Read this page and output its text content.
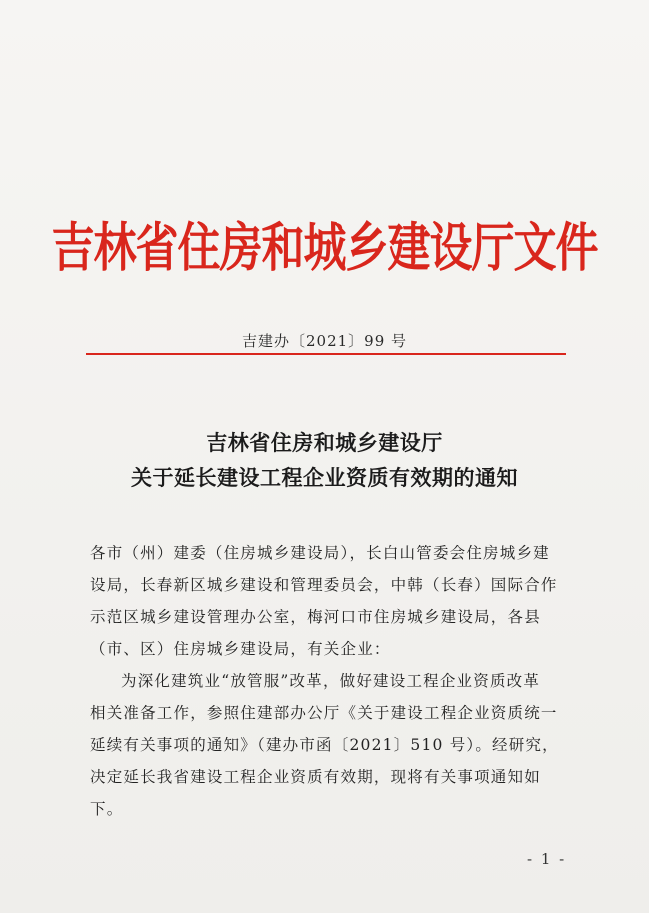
吉林省住房和城乡建设厅文件
吉建办〔2021〕99 号
吉林省住房和城乡建设厅
关于延长建设工程企业资质有效期的通知
各市（州）建委（住房城乡建设局），长白山管委会住房城乡建
设局，长春新区城乡建设和管理委员会，中韩（长春）国际合作
示范区城乡建设管理办公室，梅河口市住房城乡建设局，各县
（市、区）住房城乡建设局，有关企业：
为深化建筑业“放管服”改革，做好建设工程企业资质改革
相关准备工作，参照住建部办公厅《关于建设工程企业资质统一
延续有关事项的通知》（建办市函〔2021〕510 号）。经研究，
决定延长我省建设工程企业资质有效期，现将有关事项通知如
下。
- 1 -
